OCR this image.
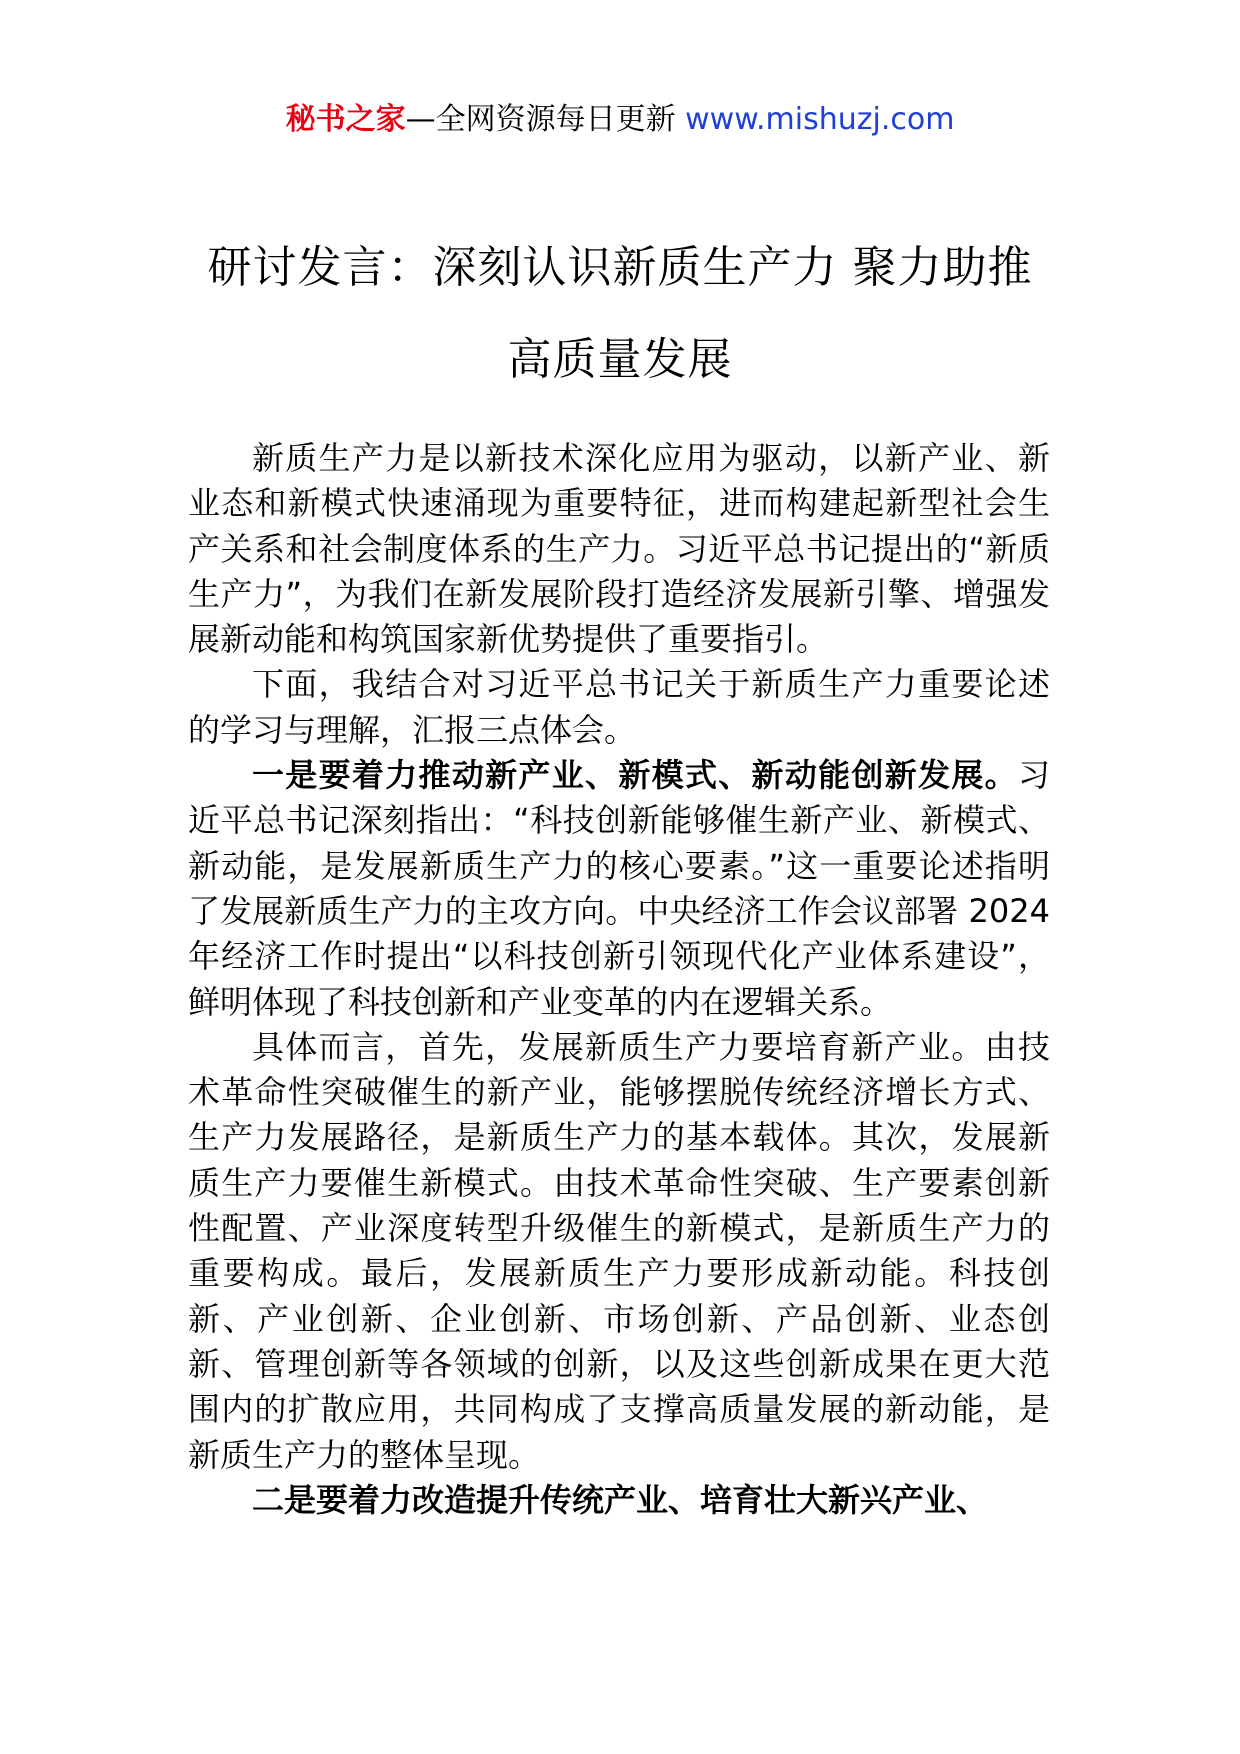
秘书之家—全网资源每日更新 www.mishuzj.com
研讨发言：深刻认识新质生产力 聚力助推
高质量发展

新质生产力是以新技术深化应用为驱动，以新产业、新业态和新模式快速涌现为重要特征，进而构建起新型社会生产关系和社会制度体系的生产力。习近平总书记提出的“新质生产力”，为我们在新发展阶段打造经济发展新引擎、增强发展新动能和构筑国家新优势提供了重要指引。

下面，我结合对习近平总书记关于新质生产力重要论述的学习与理解，汇报三点体会。

一是要着力推动新产业、新模式、新动能创新发展。习近平总书记深刻指出：“科技创新能够催生新产业、新模式、新动能，是发展新质生产力的核心要素。”这一重要论述指明了发展新质生产力的主攻方向。中央经济工作会议部署 2024 年经济工作时提出“以科技创新引领现代化产业体系建设”，鲜明体现了科技创新和产业变革的内在逻辑关系。

具体而言，首先，发展新质生产力要培育新产业。由技术革命性突破催生的新产业，能够摆脱传统经济增长方式、生产力发展路径，是新质生产力的基本载体。其次，发展新质生产力要催生新模式。由技术革命性突破、生产要素创新性配置、产业深度转型升级催生的新模式，是新质生产力的重要构成。最后，发展新质生产力要形成新动能。科技创新、产业创新、企业创新、市场创新、产品创新、业态创新、管理创新等各领域的创新，以及这些创新成果在更大范围内的扩散应用，共同构成了支撑高质量发展的新动能，是新质生产力的整体呈现。

二是要着力改造提升传统产业、培育壮大新兴产业、
